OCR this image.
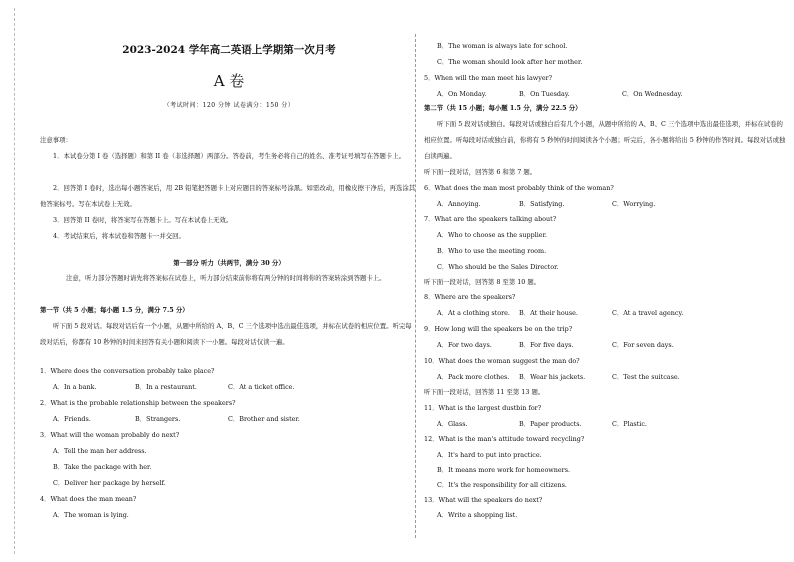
2023-2024 学年高二英语上学期第一次月考
A 卷
（考试时间：120 分钟 试卷满分：150 分）
注意事项：
1．本试卷分第 I 卷（选择题）和第 II 卷（非选择题）两部分。答卷前，考生务必将自己的姓名、准考证号填写在答题卡上。
2．回答第 I 卷时，选出每小题答案后，用 2B 铅笔把答题卡上对应题目的答案标号涂黑。如需改动，用橡皮擦干净后，再选涂其他答案标号。写在本试卷上无效。
3．回答第 II 卷时，将答案写在答题卡上。写在本试卷上无效。
4．考试结束后，将本试卷和答题卡一并交回。
第一部分 听力（共两节，满分 30 分）
注意，听力部分答题时请先将答案标在试卷上，听力部分结束前你将有两分钟的时间将你的答案转涂到答题卡上。
第一节（共 5 小题；每小题 1.5 分，满分 7.5 分）
听下面 5 段对话。每段对话后有一个小题，从题中所给的 A、B、C 三个选项中选出最佳选项，并标在试卷的相应位置。听完每段对话后，你都有 10 秒钟的时间来回答有关小题和阅读下一小题。每段对话仅读一遍。
1．Where does the conversation probably take place?
A．In a bank.	B．In a restaurant.	C．At a ticket office.
2．What is the probable relationship between the speakers?
A．Friends.	B．Strangers.	C．Brother and sister.
3．What will the woman probably do next?
A．Tell the man her address.
B．Take the package with her.
C．Deliver her package by herself.
4．What does the man mean?
A．The woman is lying.
B．The woman is always late for school.
C．The woman should look after her mother.
5．When will the man meet his lawyer?
A．On Monday.	B．On Tuesday.	C．On Wednesday.
第二节（共 15 小题；每小题 1.5 分，满分 22.5 分）
听下面 5 段对话或独白。每段对话或独白后有几个小题，从题中所给的 A、B、C 三个选项中选出最佳选项，并标在试卷的相应位置。听每段对话或独白前，你将有 5 秒钟的时间阅读各个小题；听完后，各小题将给出 5 秒钟的作答时间。每段对话或独白读两遍。
听下面一段对话，回答第 6 和第 7 题。
6．What does the man most probably think of the woman?
A．Annoying.	B．Satisfying.	C．Worrying.
7．What are the speakers talking about?
A．Who to choose as the supplier.
B．Who to use the meeting room.
C．Who should be the Sales Director.
听下面一段对话，回答第 8 至第 10 题。
8．Where are the speakers?
A．At a clothing store. B．At their house.	C．At a travel agency.
9．How long will the speakers be on the trip?
A．For two days.	B．For five days.	C．For seven days.
10．What does the woman suggest the man do?
A．Pack more clothes. B．Wear his jackets.	C．Test the suitcase.
听下面一段对话，回答第 11 至第 13 题。
11．What is the largest dustbin for?
A．Glass.	B．Paper products.	C．Plastic.
12．What is the man's attitude toward recycling?
A．It's hard to put into practice.
B．It means more work for homeowners.
C．It's the responsibility for all citizens.
13．What will the speakers do next?
A．Write a shopping list.
